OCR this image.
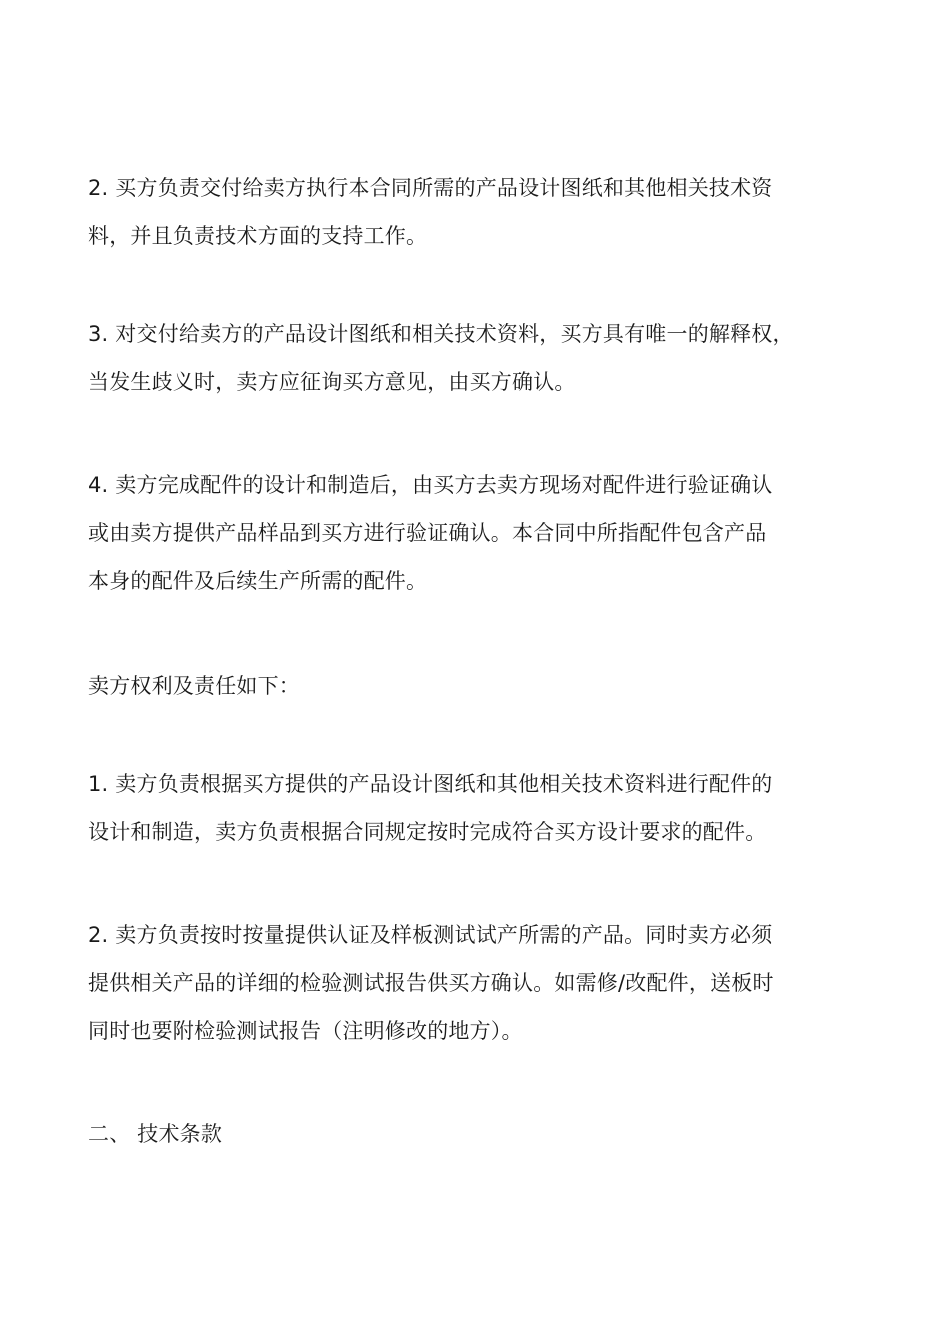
2. 买方负责交付给卖方执行本合同所需的产品设计图纸和其他相关技术资
料，并且负责技术方面的支持工作。

3. 对交付给卖方的产品设计图纸和相关技术资料，买方具有唯一的解释权，
当发生歧义时，卖方应征询买方意见，由买方确认。

4. 卖方完成配件的设计和制造后，由买方去卖方现场对配件进行验证确认
或由卖方提供产品样品到买方进行验证确认。本合同中所指配件包含产品
本身的配件及后续生产所需的配件。

卖方权利及责任如下：

1. 卖方负责根据买方提供的产品设计图纸和其他相关技术资料进行配件的
设计和制造，卖方负责根据合同规定按时完成符合买方设计要求的配件。

2. 卖方负责按时按量提供认证及样板测试试产所需的产品。同时卖方必须
提供相关产品的详细的检验测试报告供买方确认。如需修/改配件，送板时
同时也要附检验测试报告（注明修改的地方）。

二、 技术条款
